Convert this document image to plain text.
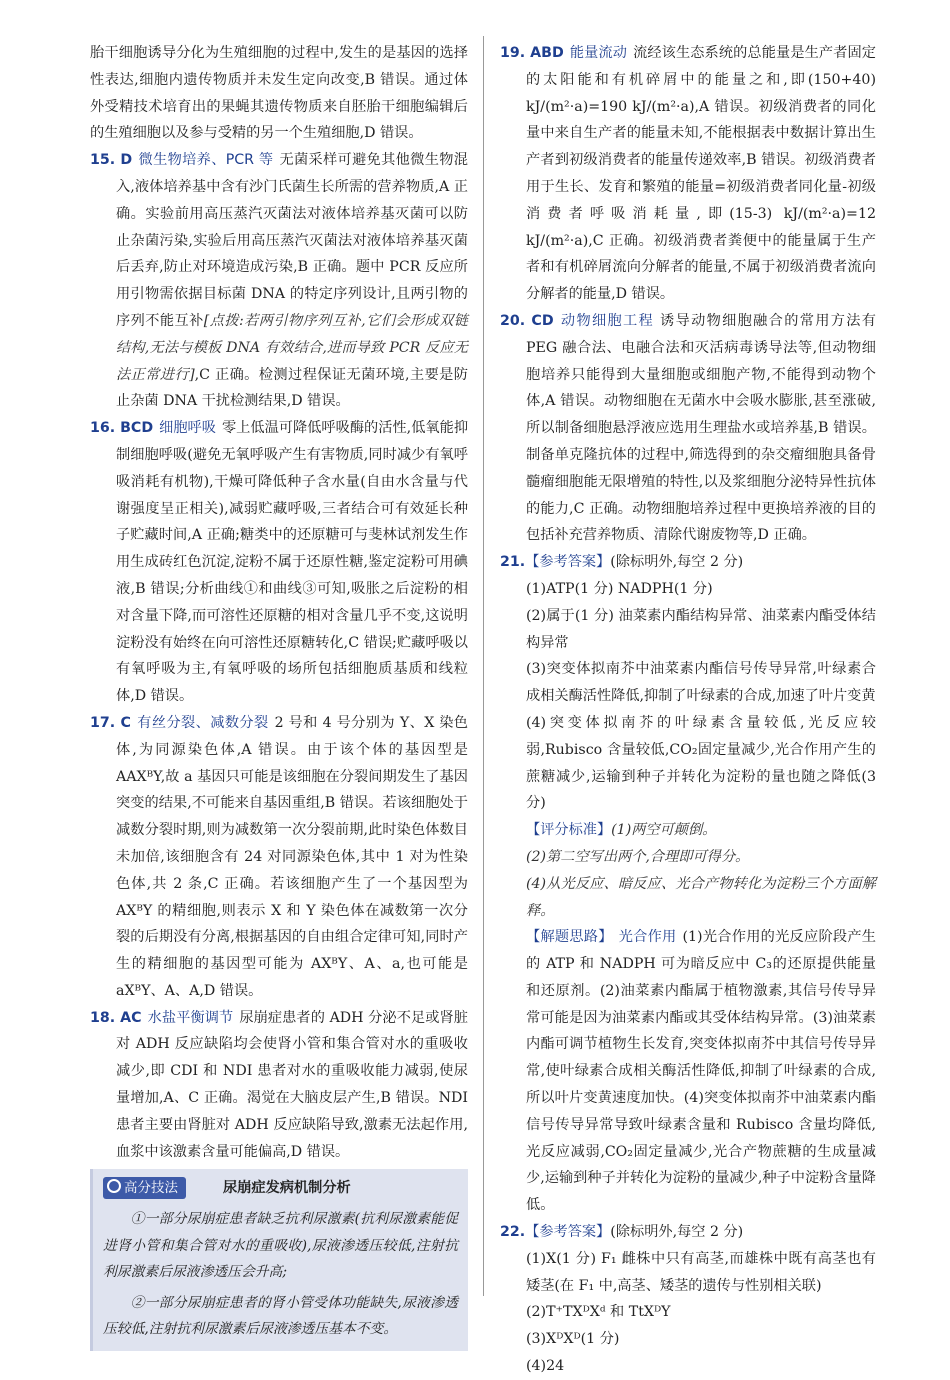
胎干细胞诱导分化为生殖细胞的过程中,发生的是基因的选择性表达,细胞内遗传物质并未发生定向改变,B 错误。通过体外受精技术培育出的果蝇其遗传物质来自胚胎干细胞编辑后的生殖细胞以及参与受精的另一个生殖细胞,D 错误。

15. D 微生物培养、PCR 等 无菌采样可避免其他微生物混入,液体培养基中含有沙门氏菌生长所需的营养物质,A 正确。实验前用高压蒸汽灭菌法对液体培养基灭菌可以防止杂菌污染,实验后用高压蒸汽灭菌法对液体培养基灭菌后丢弃,防止对环境造成污染,B 正确。题中 PCR 反应所用引物需依据目标菌 DNA 的特定序列设计,且两引物的序列不能互补[点拨:若两引物序列互补,它们会形成双链结构,无法与模板 DNA 有效结合,进而导致 PCR 反应无法正常进行],C 正确。检测过程保证无菌环境,主要是防止杂菌 DNA 干扰检测结果,D 错误。

16. BCD 细胞呼吸 零上低温可降低呼吸酶的活性,低氧能抑制细胞呼吸(避免无氧呼吸产生有害物质,同时减少有氧呼吸消耗有机物),干燥可降低种子含水量(自由水含量与代谢强度呈正相关),减弱贮藏呼吸,三者结合可有效延长种子贮藏时间,A 正确;糖类中的还原糖可与斐林试剂发生作用生成砖红色沉淀,淀粉不属于还原性糖,鉴定淀粉可用碘液,B 错误;分析曲线①和曲线③可知,吸胀之后淀粉的相对含量下降,而可溶性还原糖的相对含量几乎不变,这说明淀粉没有始终在向可溶性还原糖转化,C 错误;贮藏呼吸以有氧呼吸为主,有氧呼吸的场所包括细胞质基质和线粒体,D 错误。

17. C 有丝分裂、减数分裂 2 号和 4 号分别为 Y、X 染色体,为同源染色体,A 错误。由于该个体的基因型是 AAXᴮY,故 a 基因只可能是该细胞在分裂间期发生了基因突变的结果,不可能来自基因重组,B 错误。若该细胞处于减数分裂时期,则为减数第一次分裂前期,此时染色体数目未加倍,该细胞含有 24 对同源染色体,其中 1 对为性染色体,共 2 条,C 正确。若该细胞产生了一个基因型为 AXᴮY 的精细胞,则表示 X 和 Y 染色体在减数第一次分裂的后期没有分离,根据基因的自由组合定律可知,同时产生的精细胞的基因型可能为 AXᴮY、A、a,也可能是 aXᴮY、A、A,D 错误。

18. AC 水盐平衡调节 尿崩症患者的 ADH 分泌不足或肾脏对 ADH 反应缺陷均会使肾小管和集合管对水的重吸收减少,即 CDI 和 NDI 患者对水的重吸收能力减弱,使尿量增加,A、C 正确。渴觉在大脑皮层产生,B 错误。NDI 患者主要由肾脏对 ADH 反应缺陷导致,激素无法起作用,血浆中该激素含量可能偏高,D 错误。

高分技法	尿崩症发病机制分析

①一部分尿崩症患者缺乏抗利尿激素(抗利尿激素能促进肾小管和集合管对水的重吸收),尿液渗透压较低,注射抗利尿激素后尿液渗透压会升高;

②一部分尿崩症患者的肾小管受体功能缺失,尿液渗透压较低,注射抗利尿激素后尿液渗透压基本不变。

19. ABD 能量流动 流经该生态系统的总能量是生产者固定的太阳能和有机碎屑中的能量之和,即(150+40) kJ/(m²·a)=190 kJ/(m²·a),A 错误。初级消费者的同化量中来自生产者的能量未知,不能根据表中数据计算出生产者到初级消费者的能量传递效率,B 错误。初级消费者用于生长、发育和繁殖的能量=初级消费者同化量-初级消费者呼吸消耗量,即(15-3) kJ/(m²·a)=12 kJ/(m²·a),C 正确。初级消费者粪便中的能量属于生产者和有机碎屑流向分解者的能量,不属于初级消费者流向分解者的能量,D 错误。

20. CD 动物细胞工程 诱导动物细胞融合的常用方法有 PEG 融合法、电融合法和灭活病毒诱导法等,但动物细胞培养只能得到大量细胞或细胞产物,不能得到动物个体,A 错误。动物细胞在无菌水中会吸水膨胀,甚至涨破,所以制备细胞悬浮液应选用生理盐水或培养基,B 错误。制备单克隆抗体的过程中,筛选得到的杂交瘤细胞具备骨髓瘤细胞能无限增殖的特性,以及浆细胞分泌特异性抗体的能力,C 正确。动物细胞培养过程中更换培养液的目的包括补充营养物质、清除代谢废物等,D 正确。

21.【参考答案】(除标明外,每空 2 分)

(1)ATP(1 分) NADPH(1 分)

(2)属于(1 分) 油菜素内酯结构异常、油菜素内酯受体结构异常

(3)突变体拟南芥中油菜素内酯信号传导异常,叶绿素合成相关酶活性降低,抑制了叶绿素的合成,加速了叶片变黄

(4)突变体拟南芥的叶绿素含量较低,光反应较弱,Rubisco 含量较低,CO₂固定量减少,光合作用产生的蔗糖减少,运输到种子并转化为淀粉的量也随之降低(3 分)

【评分标准】(1)两空可颠倒。

(2)第二空写出两个,合理即可得分。

(4)从光反应、暗反应、光合产物转化为淀粉三个方面解释。

【解题思路】 光合作用 (1)光合作用的光反应阶段产生的 ATP 和 NADPH 可为暗反应中 C₃的还原提供能量和还原剂。(2)油菜素内酯属于植物激素,其信号传导异常可能是因为油菜素内酯或其受体结构异常。(3)油菜素内酯可调节植物生长发育,突变体拟南芥中其信号传导异常,使叶绿素合成相关酶活性降低,抑制了叶绿素的合成,所以叶片变黄速度加快。(4)突变体拟南芥中油菜素内酯信号传导异常导致叶绿素含量和 Rubisco 含量均降低,光反应减弱,CO₂固定量减少,光合产物蔗糖的生成量减少,运输到种子并转化为淀粉的量减少,种子中淀粉含量降低。

22.【参考答案】(除标明外,每空 2 分)

(1)X(1 分) F₁ 雌株中只有高茎,而雄株中既有高茎也有矮茎(在 F₁ 中,高茎、矮茎的遗传与性别相关联)

(2)T⁺TXᴰXᵈ 和 TtXᴰY

(3)XᴰXᴰ(1 分)

(4)24
